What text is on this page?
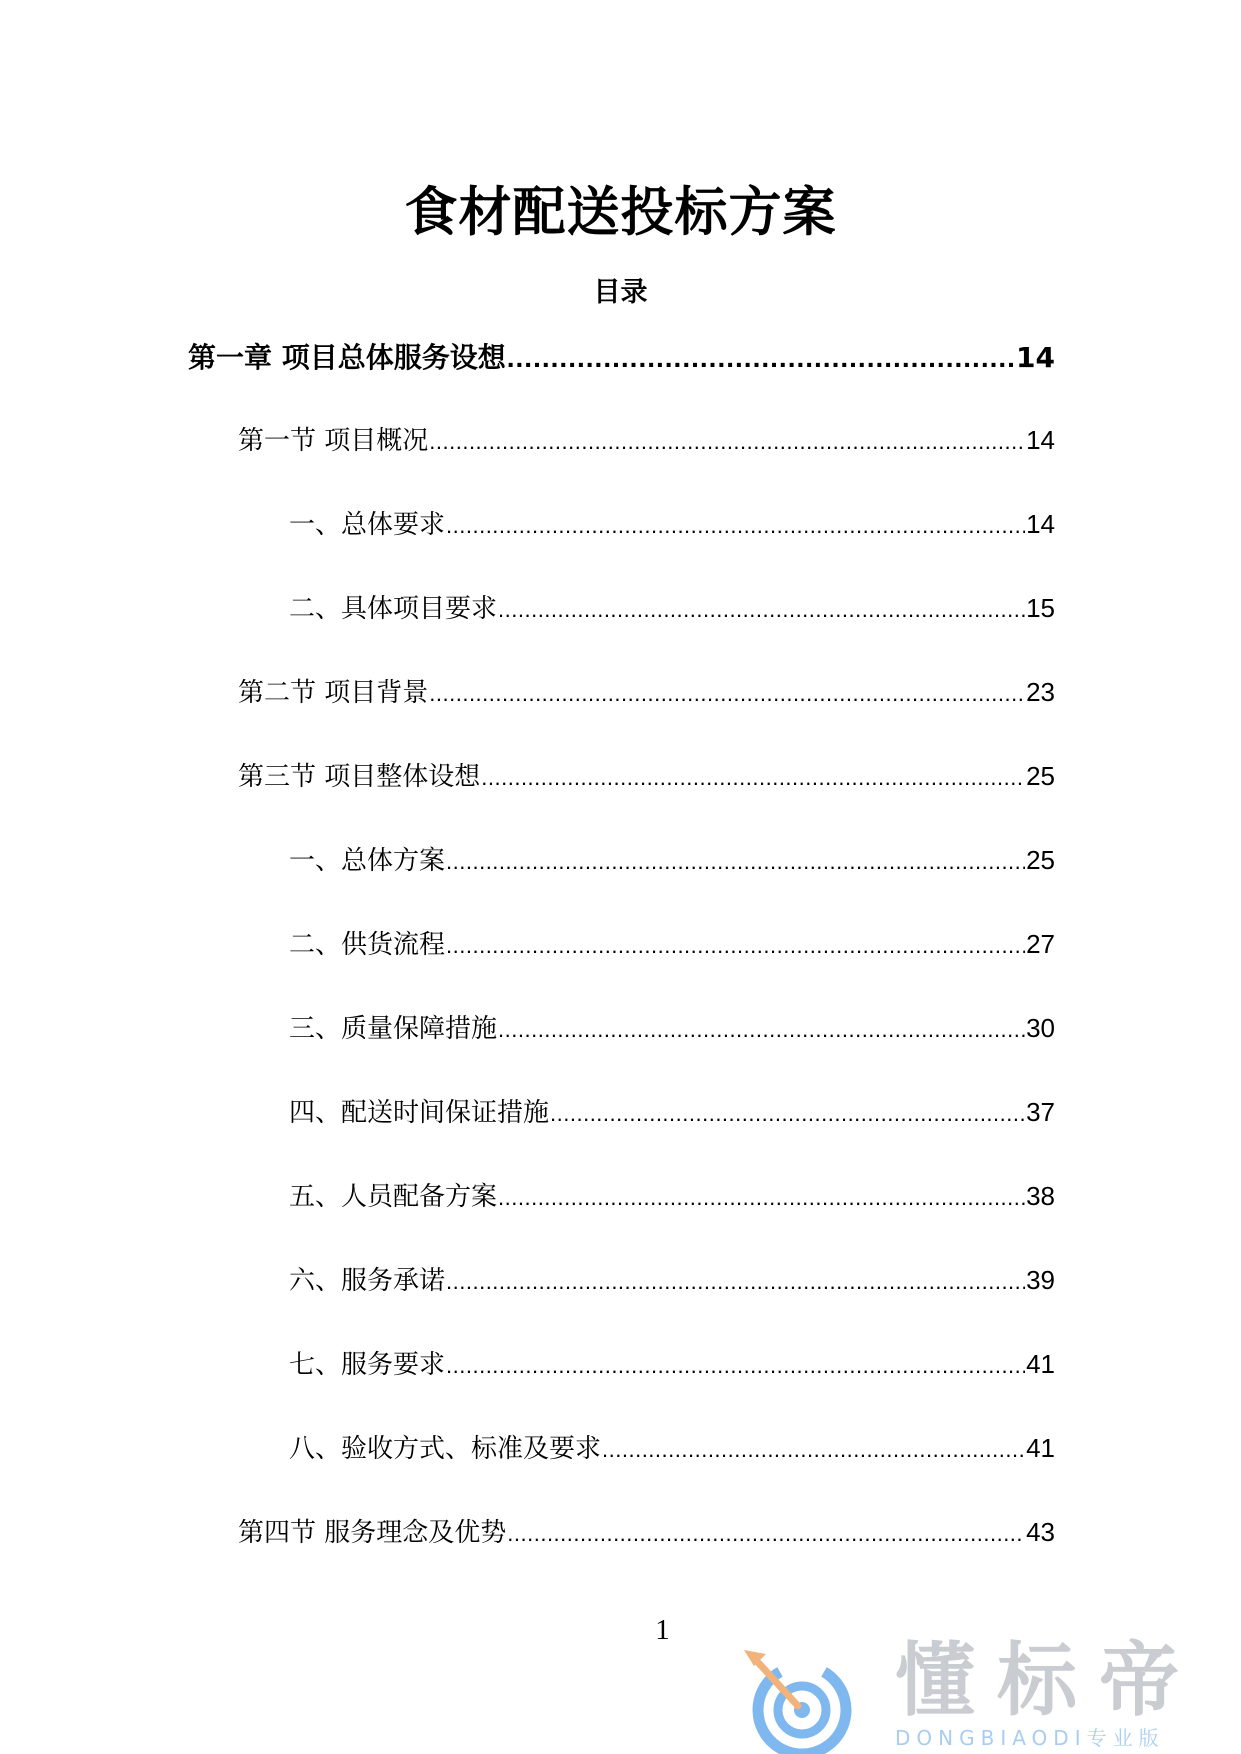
食材配送投标方案
目录
第一章 项目总体服务设想 .....	14
第一节 项目概况 .....	14
一、总体要求 .....	14
二、具体项目要求 .....	15
第二节 项目背景 .....	23
第三节 项目整体设想 .....	25
一、总体方案 .....	25
二、供货流程 .....	27
三、质量保障措施 .....	30
四、配送时间保证措施 .....	37
五、人员配备方案 .....	38
六、服务承诺 .....	39
七、服务要求 .....	41
八、验收方式、标准及要求 .....	41
第四节 服务理念及优势 .....	43
1
懂标帝
DONGBIAODI专业版
